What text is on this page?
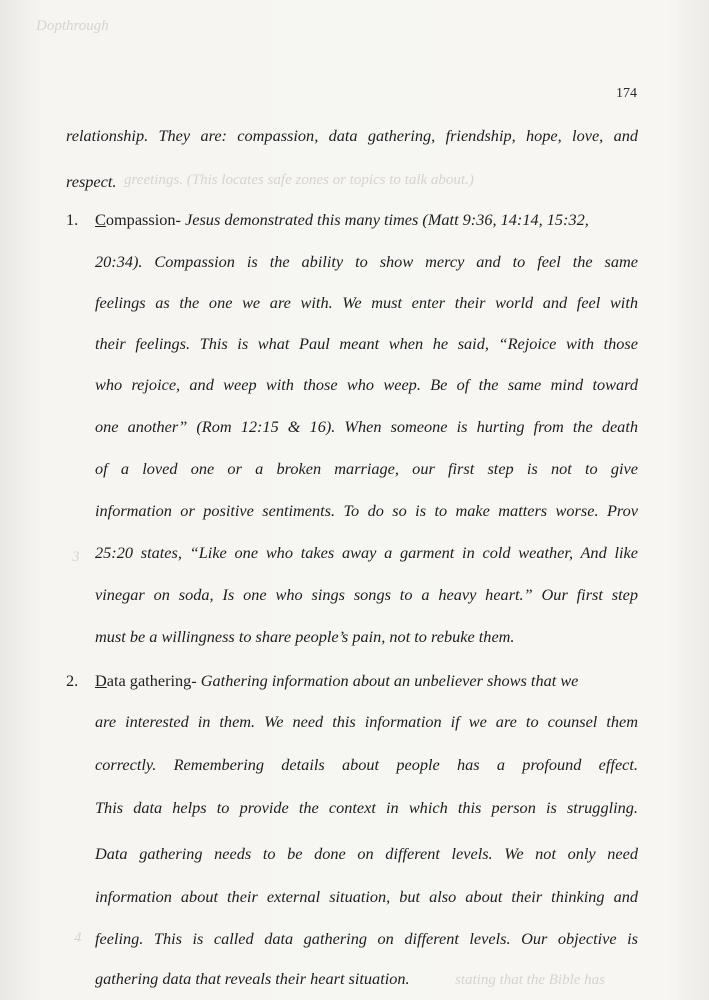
Dopthrough
greetings. (This locates safe zones or topics to talk about.)
stating that the Bible has
3
4
174
relationship. They are: compassion, data gathering, friendship, hope, love, and
respect.
1. Compassion- Jesus demonstrated this many times (Matt 9:36, 14:14, 15:32,
20:34). Compassion is the ability to show mercy and to feel the same
feelings as the one we are with. We must enter their world and feel with
their feelings. This is what Paul meant when he said, “Rejoice with those
who rejoice, and weep with those who weep. Be of the same mind toward
one another” (Rom 12:15 & 16). When someone is hurting from the death
of a loved one or a broken marriage, our first step is not to give
information or positive sentiments. To do so is to make matters worse. Prov
25:20 states, “Like one who takes away a garment in cold weather, And like
vinegar on soda, Is one who sings songs to a heavy heart.” Our first step
must be a willingness to share people’s pain, not to rebuke them.
2. Data gathering- Gathering information about an unbeliever shows that we
are interested in them. We need this information if we are to counsel them
correctly. Remembering details about people has a profound effect.
This data helps to provide the context in which this person is struggling.
Data gathering needs to be done on different levels. We not only need
information about their external situation, but also about their thinking and
feeling. This is called data gathering on different levels. Our objective is
gathering data that reveals their heart situation.
